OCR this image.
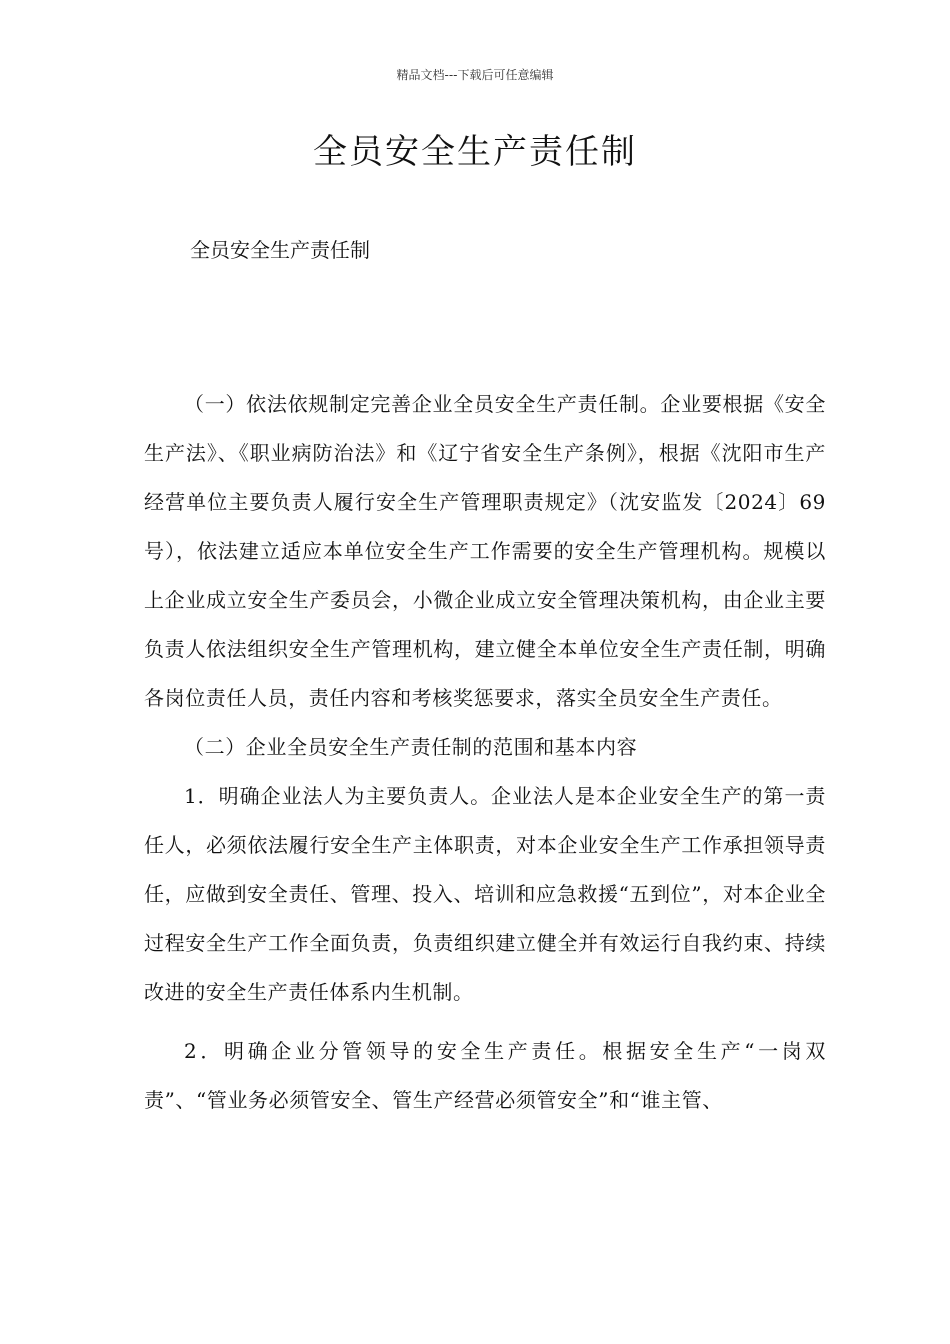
精品文档---下载后可任意编辑
全员安全生产责任制
全员安全生产责任制

（一）依法依规制定完善企业全员安全生产责任制。企业要根据《安全生产法》、《职业病防治法》和《辽宁省安全生产条例》，根据《沈阳市生产经营单位主要负责人履行安全生产管理职责规定》（沈安监发〔2024〕69号），依法建立适应本单位安全生产工作需要的安全生产管理机构。规模以上企业成立安全生产委员会，小微企业成立安全管理决策机构，由企业主要负责人依法组织安全生产管理机构，建立健全本单位安全生产责任制，明确各岗位责任人员，责任内容和考核奖惩要求，落实全员安全生产责任。

（二）企业全员安全生产责任制的范围和基本内容

1．明确企业法人为主要负责人。企业法人是本企业安全生产的第一责任人，必须依法履行安全生产主体职责，对本企业安全生产工作承担领导责任，应做到安全责任、管理、投入、培训和应急救援“五到位”，对本企业全过程安全生产工作全面负责，负责组织建立健全并有效运行自我约束、持续改进的安全生产责任体系内生机制。

2．明确企业分管领导的安全生产责任。根据安全生产“一岗双责”、“管业务必须管安全、管生产经营必须管安全”和“谁主管、
